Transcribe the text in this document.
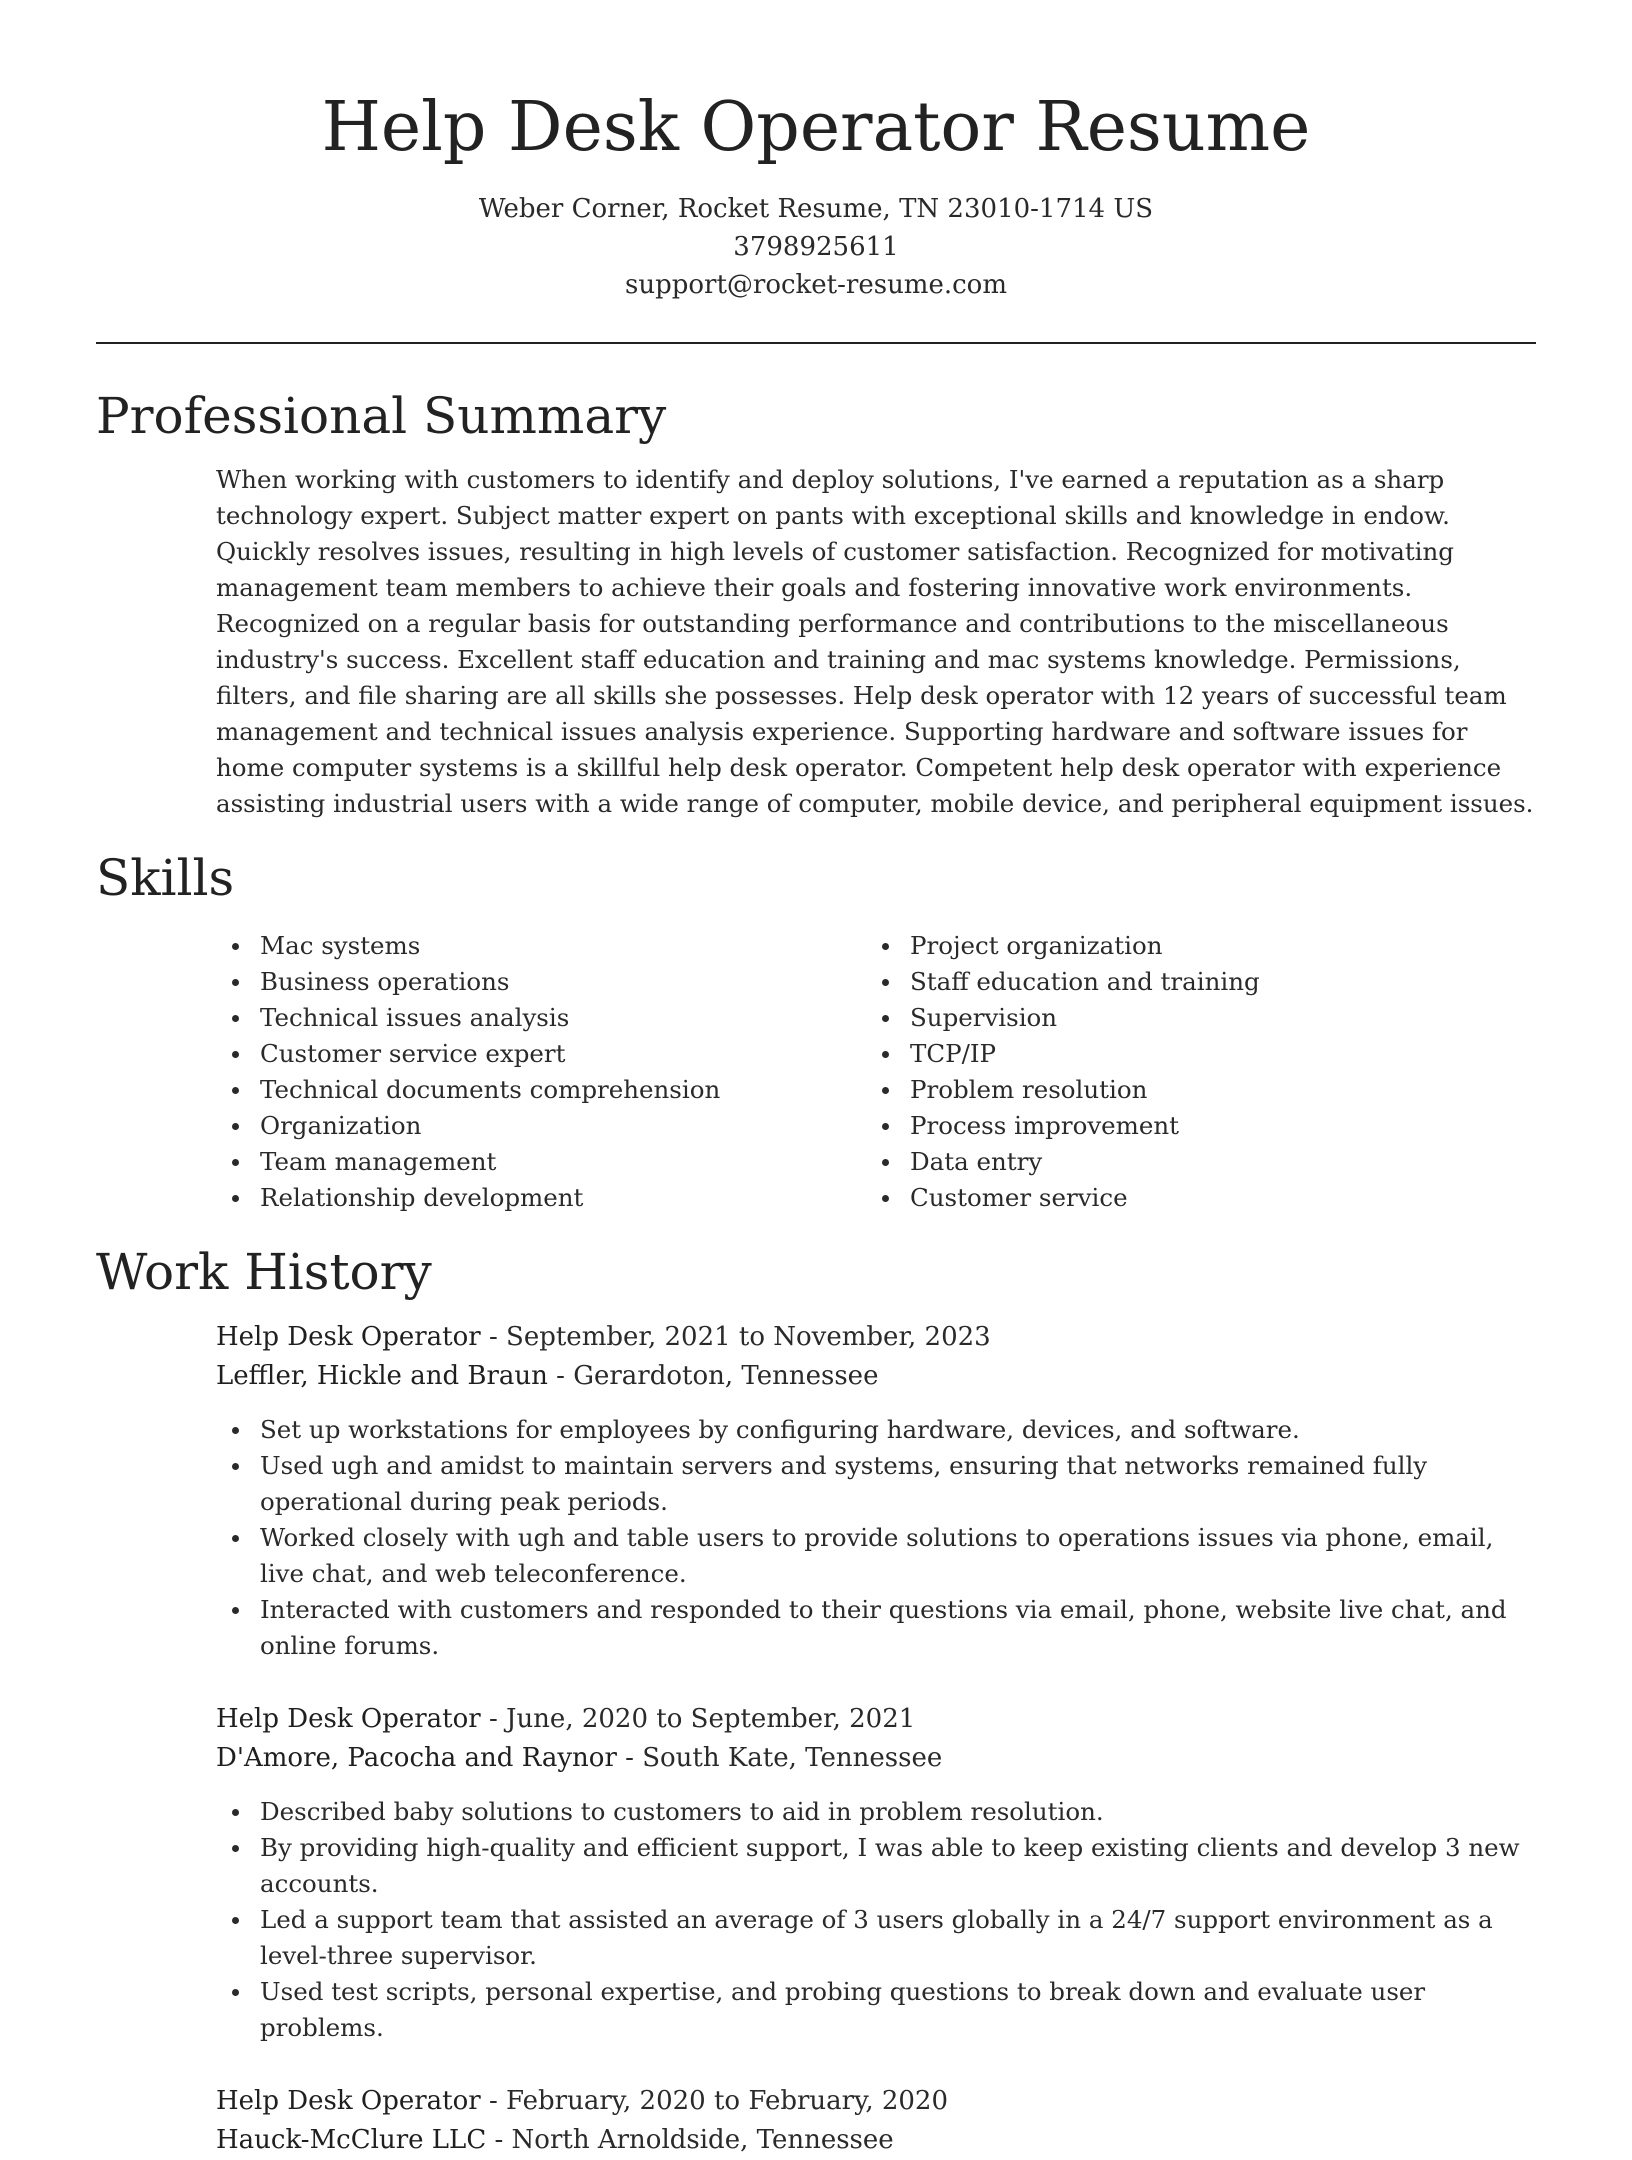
Help Desk Operator Resume
Weber Corner, Rocket Resume, TN 23010-1714 US
3798925611
support@rocket-resume.com
Professional Summary

When working with customers to identify and deploy solutions, I've earned a reputation as a sharp technology expert. Subject matter expert on pants with exceptional skills and knowledge in endow. Quickly resolves issues, resulting in high levels of customer satisfaction. Recognized for motivating management team members to achieve their goals and fostering innovative work environments. Recognized on a regular basis for outstanding performance and contributions to the miscellaneous industry's success. Excellent staff education and training and mac systems knowledge. Permissions, filters, and file sharing are all skills she possesses. Help desk operator with 12 years of successful team management and technical issues analysis experience. Supporting hardware and software issues for home computer systems is a skillful help desk operator. Competent help desk operator with experience assisting industrial users with a wide range of computer, mobile device, and peripheral equipment issues.

Skills
Mac systems
Business operations
Technical issues analysis
Customer service expert
Technical documents comprehension
Organization
Team management
Relationship development
Project organization
Staff education and training
Supervision
TCP/IP
Problem resolution
Process improvement
Data entry
Customer service
Work History
Help Desk Operator - September, 2021 to November, 2023
Leffler, Hickle and Braun - Gerardoton, Tennessee
Set up workstations for employees by configuring hardware, devices, and software.
Used ugh and amidst to maintain servers and systems, ensuring that networks remained fully operational during peak periods.
Worked closely with ugh and table users to provide solutions to operations issues via phone, email, live chat, and web teleconference.
Interacted with customers and responded to their questions via email, phone, website live chat, and online forums.
Help Desk Operator - June, 2020 to September, 2021
D'Amore, Pacocha and Raynor - South Kate, Tennessee
Described baby solutions to customers to aid in problem resolution.
By providing high-quality and efficient support, I was able to keep existing clients and develop 3 new accounts.
Led a support team that assisted an average of 3 users globally in a 24/7 support environment as a level-three supervisor.
Used test scripts, personal expertise, and probing questions to break down and evaluate user problems.
Help Desk Operator - February, 2020 to February, 2020
Hauck-McClure LLC - North Arnoldside, Tennessee
